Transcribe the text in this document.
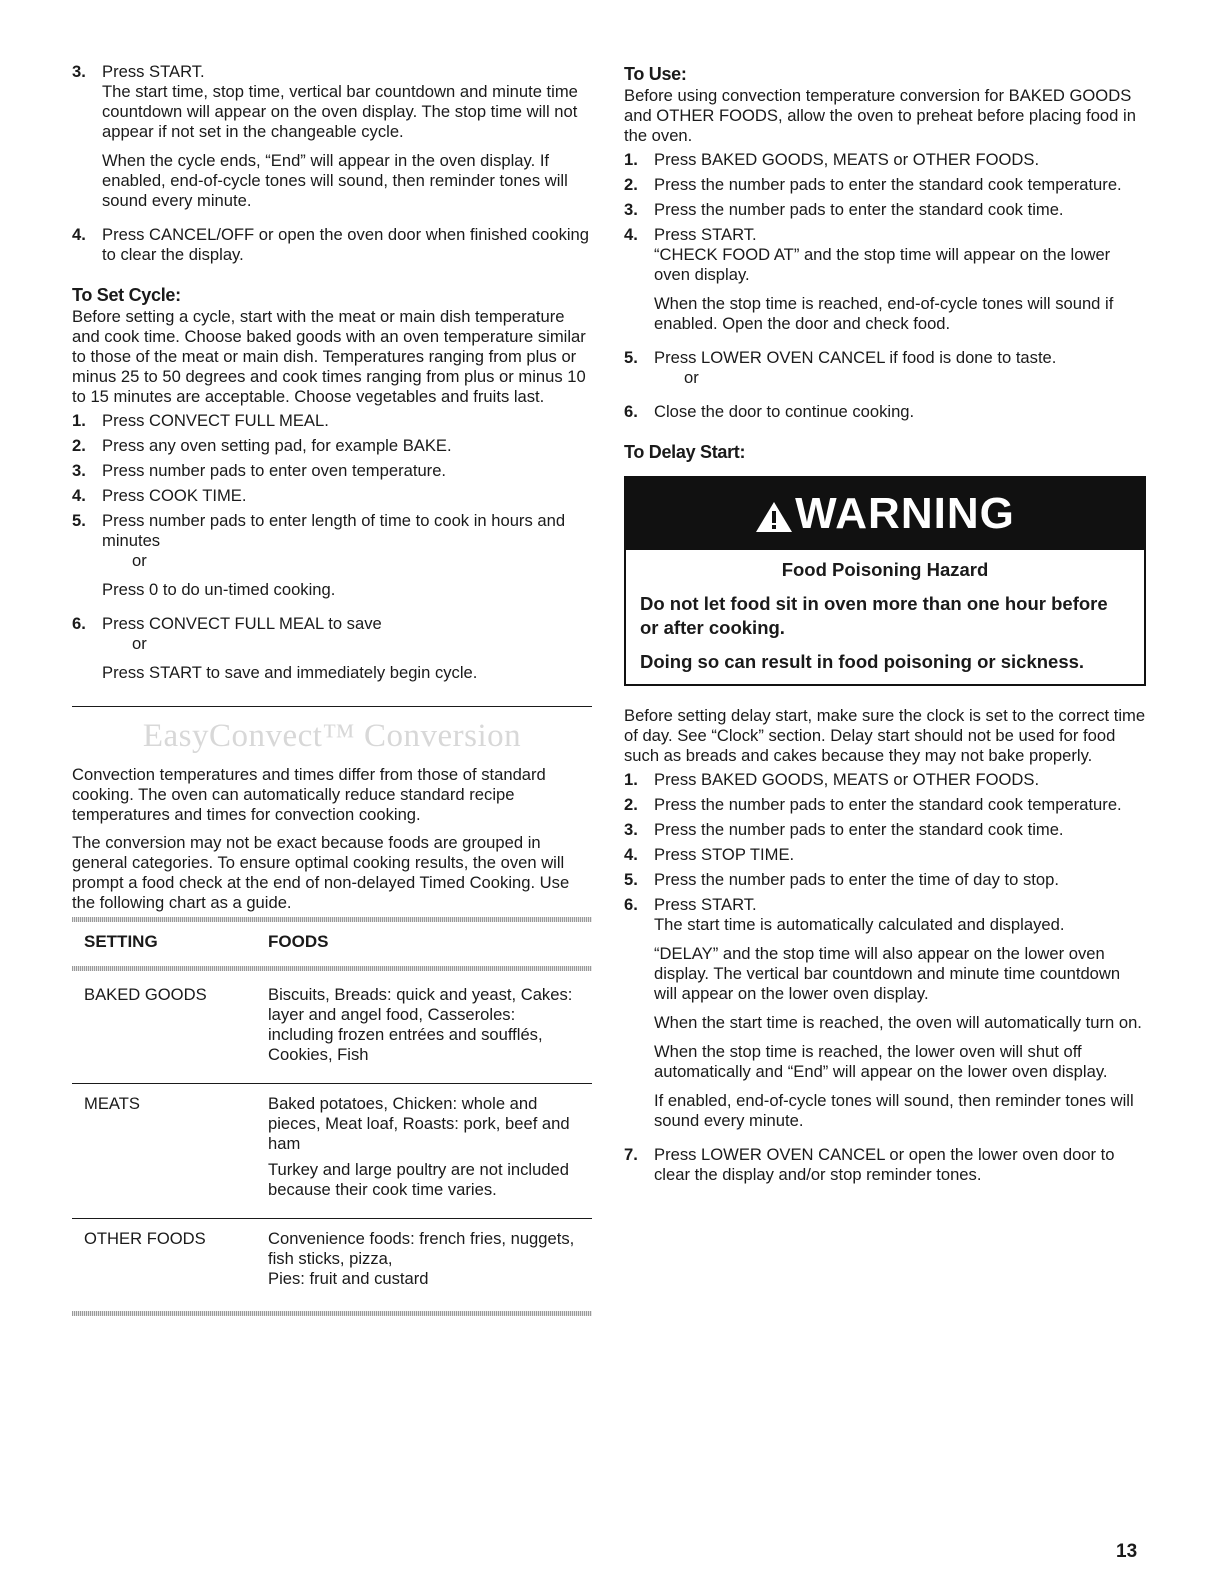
3. Press START.

The start time, stop time, vertical bar countdown and minute time countdown will appear on the oven display. The stop time will not appear if not set in the changeable cycle.

When the cycle ends, “End” will appear in the oven display. If enabled, end-of-cycle tones will sound, then reminder tones will sound every minute.

4. Press CANCEL/OFF or open the oven door when finished cooking to clear the display.

To Set Cycle:

Before setting a cycle, start with the meat or main dish temperature and cook time. Choose baked goods with an oven temperature similar to those of the meat or main dish. Temperatures ranging from plus or minus 25 to 50 degrees and cook times ranging from plus or minus 10 to 15 minutes are acceptable. Choose vegetables and fruits last.

1. Press CONVECT FULL MEAL.

2. Press any oven setting pad, for example BAKE.

3. Press number pads to enter oven temperature.

4. Press COOK TIME.

5. Press number pads to enter length of time to cook in hours and minutes

or

Press 0 to do un-timed cooking.

6. Press CONVECT FULL MEAL to save

or

Press START to save and immediately begin cycle.

EasyConvect™ Conversion

Convection temperatures and times differ from those of standard cooking. The oven can automatically reduce standard recipe temperatures and times for convection cooking.

The conversion may not be exact because foods are grouped in general categories. To ensure optimal cooking results, the oven will prompt a food check at the end of non-delayed Timed Cooking. Use the following chart as a guide.

SETTING	FOODS

BAKED GOODS	Biscuits, Breads: quick and yeast, Cakes: layer and angel food, Casseroles: including frozen entrées and soufflés, Cookies, Fish

MEATS	Baked potatoes, Chicken: whole and pieces, Meat loaf, Roasts: pork, beef and ham

Turkey and large poultry are not included because their cook time varies.

OTHER FOODS	Convenience foods: french fries, nuggets, fish sticks, pizza,

Pies: fruit and custard

To Use:

Before using convection temperature conversion for BAKED GOODS and OTHER FOODS, allow the oven to preheat before placing food in the oven.

1. Press BAKED GOODS, MEATS or OTHER FOODS.

2. Press the number pads to enter the standard cook temperature.

3. Press the number pads to enter the standard cook time.

4. Press START.

“CHECK FOOD AT” and the stop time will appear on the lower oven display.

When the stop time is reached, end-of-cycle tones will sound if enabled. Open the door and check food.

5. Press LOWER OVEN CANCEL if food is done to taste.

or

6. Close the door to continue cooking.

To Delay Start:
WARNING
Food Poisoning Hazard

Do not let food sit in oven more than one hour before or after cooking.

Doing so can result in food poisoning or sickness.

Before setting delay start, make sure the clock is set to the correct time of day. See “Clock” section. Delay start should not be used for food such as breads and cakes because they may not bake properly.

1. Press BAKED GOODS, MEATS or OTHER FOODS.

2. Press the number pads to enter the standard cook temperature.

3. Press the number pads to enter the standard cook time.

4. Press STOP TIME.

5. Press the number pads to enter the time of day to stop.

6. Press START.

The start time is automatically calculated and displayed.

“DELAY” and the stop time will also appear on the lower oven display. The vertical bar countdown and minute time countdown will appear on the lower oven display.

When the start time is reached, the oven will automatically turn on.

When the stop time is reached, the lower oven will shut off automatically and “End” will appear on the lower oven display.

If enabled, end-of-cycle tones will sound, then reminder tones will sound every minute.

7. Press LOWER OVEN CANCEL or open the lower oven door to clear the display and/or stop reminder tones.

13
